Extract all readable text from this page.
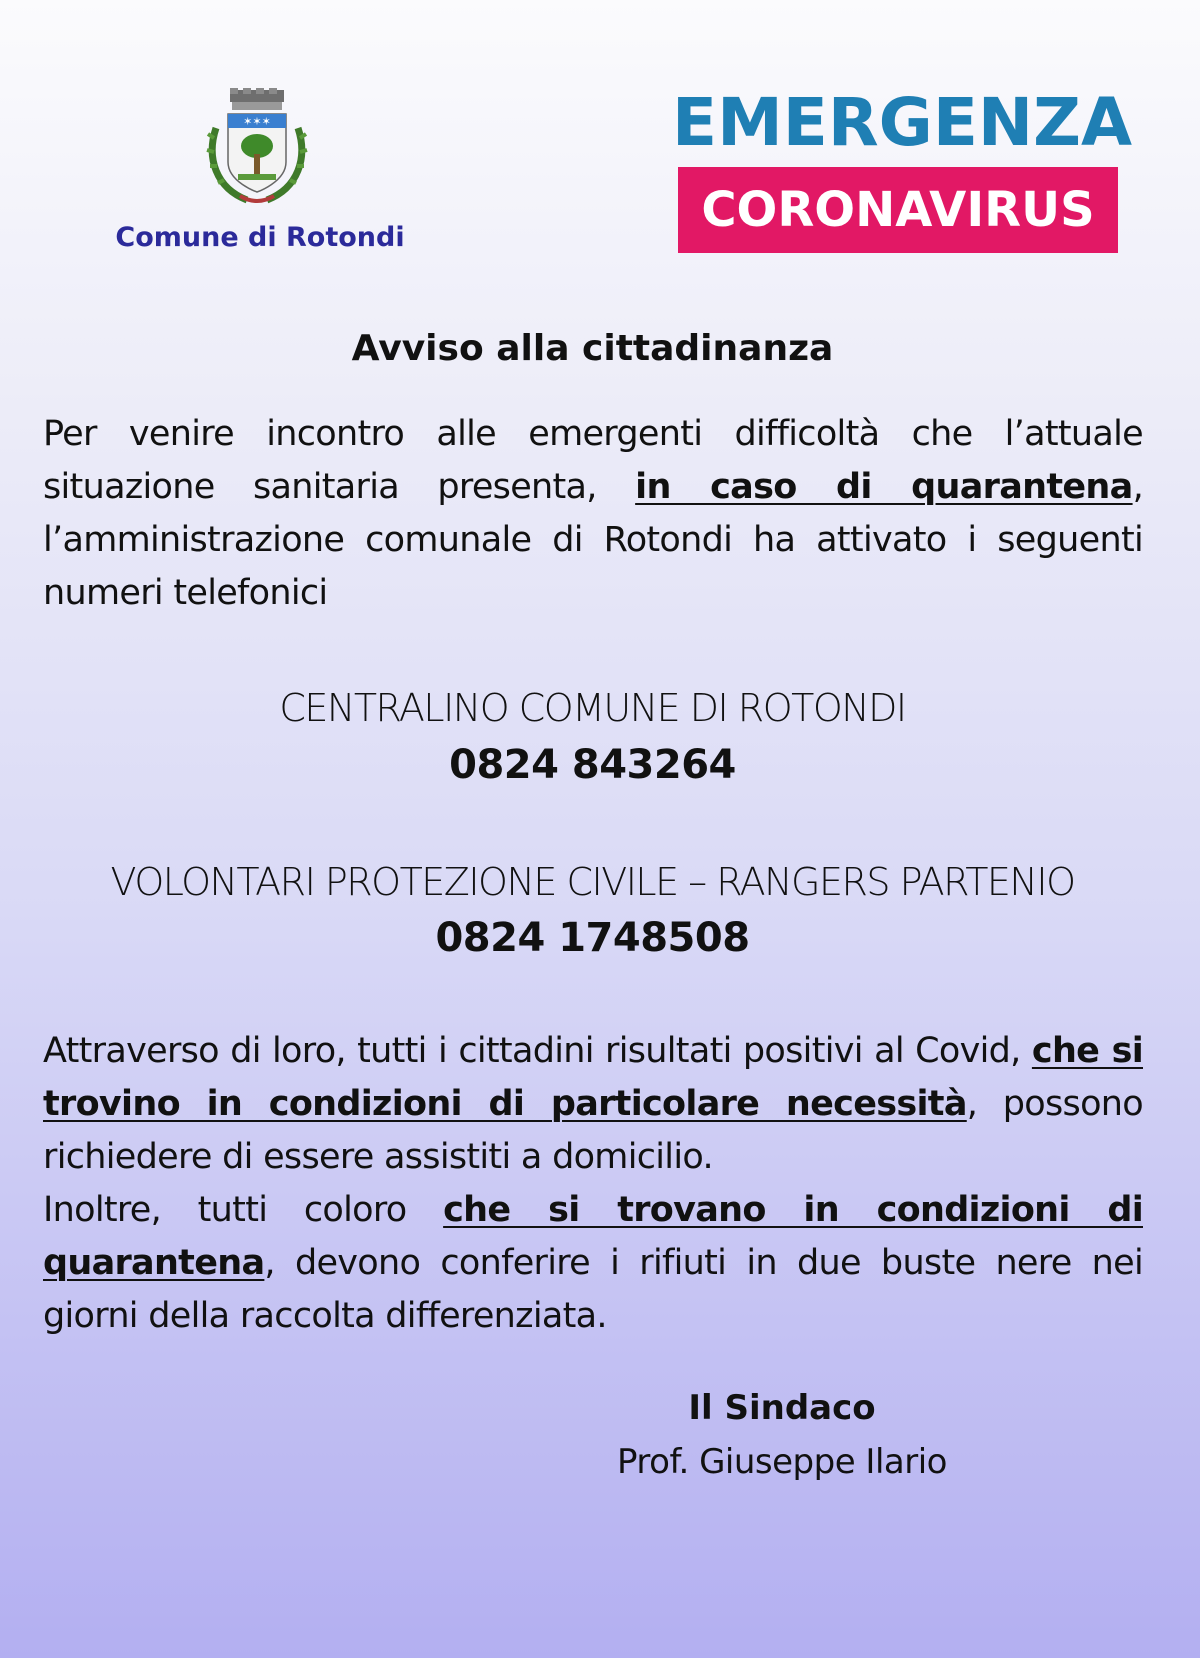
✶✶✶
Comune di Rotondi
EMERGENZA
CORONAVIRUS
Avviso alla cittadinanza
Per venire incontro alle emergenti difficoltà che l’attuale situazione sanitaria presenta, in caso di quarantena, l’amministrazione comunale di Rotondi ha attivato i seguenti numeri telefonici
CENTRALINO COMUNE DI ROTONDI
0824 843264
VOLONTARI PROTEZIONE CIVILE – RANGERS PARTENIO
0824 1748508
Attraverso di loro, tutti i cittadini risultati positivi al Covid, che si trovino in condizioni di particolare necessità, possono richiedere di essere assistiti a domicilio.
Inoltre, tutti coloro che si trovano in condizioni di quarantena, devono conferire i rifiuti in due buste nere nei giorni della raccolta differenziata.
Il Sindaco
Prof. Giuseppe Ilario
